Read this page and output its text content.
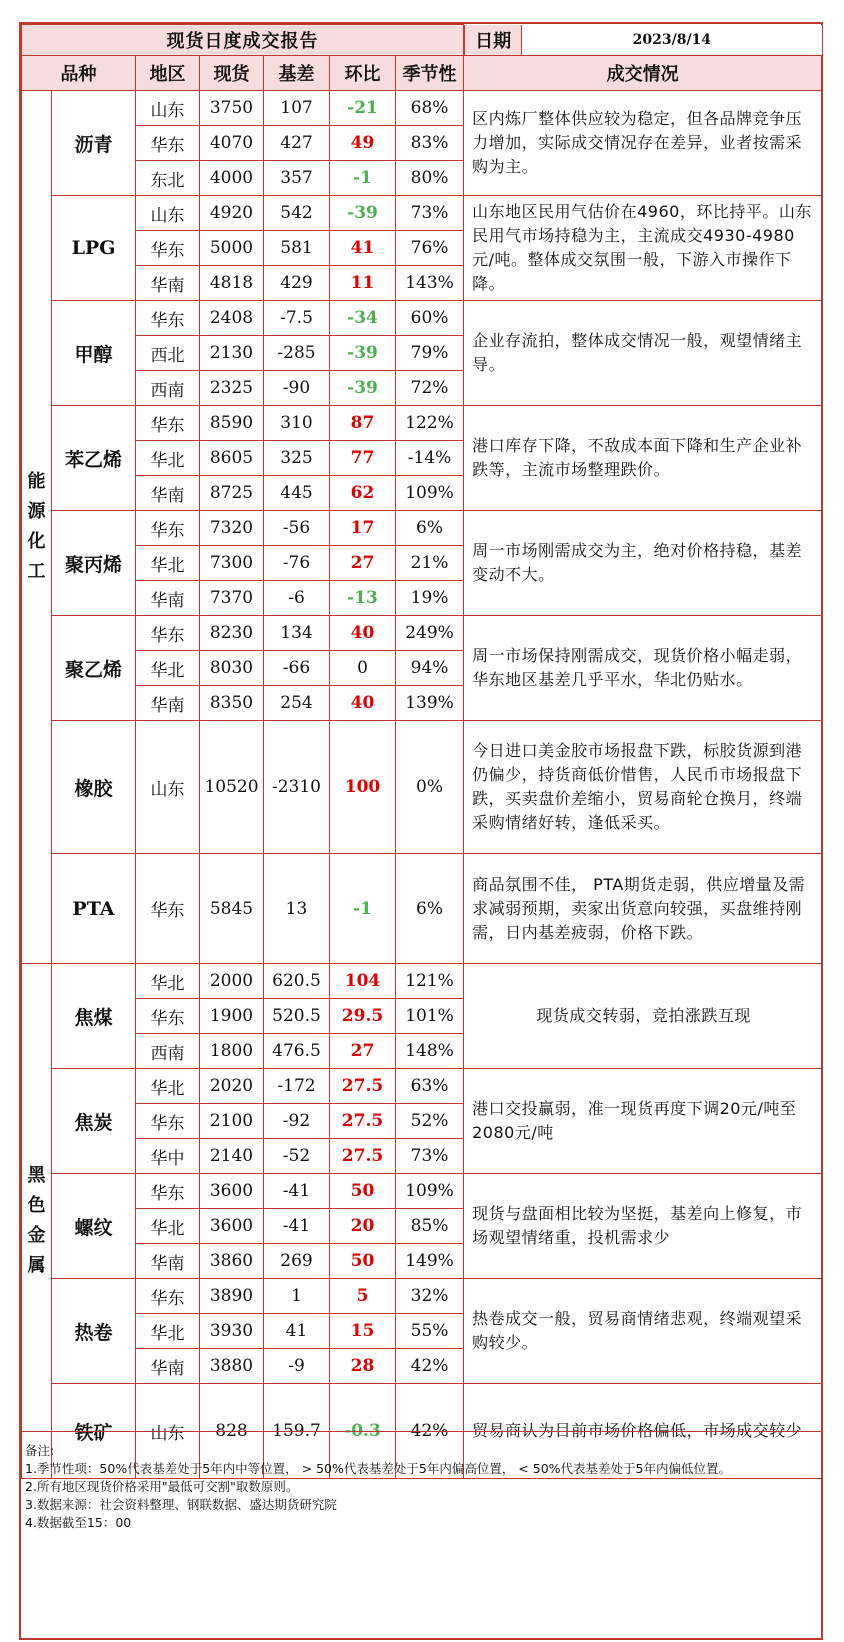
现货日度成交报告		日期	2023/8/14

品种	地区	现货	基差	环比	季节性	成交情况
能源化工	沥青	山东	3750	107	-21	68%	区内炼厂整体供应较为稳定，但各品牌竞争压力增加，实际成交情况存在差异，业者按需采购为主。
华东	4070	427	49	83%
东北	4000	357	-1	80%
LPG	山东	4920	542	-39	73%	山东地区民用气估价在4960，环比持平。山东民用气市场持稳为主，主流成交4930-4980元/吨。整体成交氛围一般，下游入市操作下降。
华东	5000	581	41	76%
华南	4818	429	11	143%
甲醇	华东	2408	-7.5	-34	60%	企业存流拍，整体成交情况一般，观望情绪主导。
西北	2130	-285	-39	79%
西南	2325	-90	-39	72%
苯乙烯	华东	8590	310	87	122%	港口库存下降，不敌成本面下降和生产企业补跌等，主流市场整理跌价。
华北	8605	325	77	-14%
华南	8725	445	62	109%
聚丙烯	华东	7320	-56	17	6%	周一市场刚需成交为主，绝对价格持稳，基差变动不大。
华北	7300	-76	27	21%
华南	7370	-6	-13	19%
聚乙烯	华东	8230	134	40	249%	周一市场保持刚需成交，现货价格小幅走弱，华东地区基差几乎平水，华北仍贴水。
华北	8030	-66	0	94%
华南	8350	254	40	139%
橡胶	山东	10520	-2310	100	0%	今日进口美金胶市场报盘下跌，标胶货源到港仍偏少，持货商低价惜售，人民币市场报盘下跌，买卖盘价差缩小，贸易商轮仓换月，终端采购情绪好转，逢低采买。
PTA	华东	5845	13	-1	6%	商品氛围不佳， PTA期货走弱，供应增量及需求减弱预期，卖家出货意向较强，买盘维持刚需，日内基差疲弱，价格下跌。
黑色金属	焦煤	华北	2000	620.5	104	121%	现货成交转弱，竞拍涨跌互现
华东	1900	520.5	29.5	101%
西南	1800	476.5	27	148%
焦炭	华北	2020	-172	27.5	63%	港口交投赢弱，准一现货再度下调20元/吨至2080元/吨
华东	2100	-92	27.5	52%
华中	2140	-52	27.5	73%
螺纹	华东	3600	-41	50	109%	现货与盘面相比较为坚挺，基差向上修复，市场观望情绪重，投机需求少
华北	3600	-41	20	85%
华南	3860	269	50	149%
热卷	华东	3890	1	5	32%	热卷成交一般，贸易商情绪悲观，终端观望采购较少。
华北	3930	41	15	55%
华南	3880	-9	28	42%
铁矿	山东	828	159.7	-0.3	42%	贸易商认为目前市场价格偏低，市场成交较少
备注:
1.季节性项：50%代表基差处于5年内中等位置， > 50%代表基差处于5年内偏高位置， < 50%代表基差处于5年内偏低位置。
2.所有地区现货价格采用"最低可交割"取数原则。
3.数据来源：社会资料整理、钢联数据、盛达期货研究院
4.数据截至15：00
